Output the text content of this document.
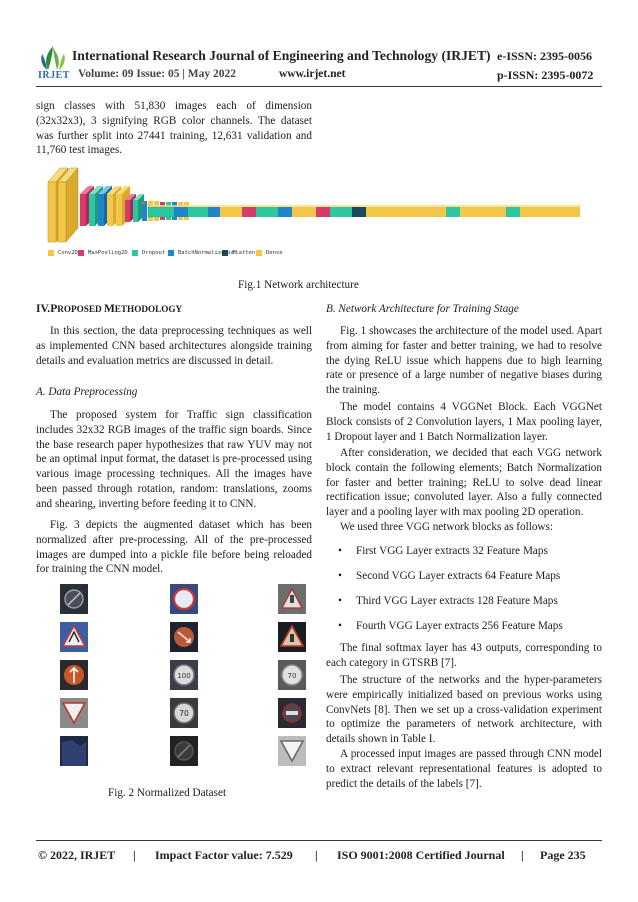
IRJET
International Research Journal of Engineering and Technology (IRJET) e-ISSN: 2395-0056
Volume: 09 Issue: 05 | May 2022	www.irjet.net	p-ISSN: 2395-0072
sign classes with 51,830 images each of dimension (32x32x3), 3 signifying RGB color channels. The dataset was further split into 27441 training, 12,631 validation and 11,760 test images.
Conv2D MaxPooling2D	Dropout BatchNormalization
Flatten Dense
Fig.1 Network architecture
IV.PROPOSED METHODOLOGY
In this section, the data preprocessing techniques as well as implemented CNN based architectures alongside training details and evaluation metrics are discussed in detail.
A. Data Preprocessing
The proposed system for Traffic sign classification includes 32x32 RGB images of the traffic sign boards. Since the base research paper hypothesizes that raw YUV may not be an optimal input format, the dataset is pre-processed using various image processing techniques. All the images have been passed through rotation, random: translations, zooms and shearing, inverting before feeding it to CNN.
Fig. 3 depicts the augmented dataset which has been normalized after pre-processing. All of the pre-processed images are dumped into a pickle file before being reloaded for training the CNN model.
100	70
70
Fig. 2 Normalized Dataset
B. Network Architecture for Training Stage
Fig. 1 showcases the architecture of the model used. Apart from aiming for faster and better training, we had to resolve the dying ReLU issue which happens due to high learning rate or presence of a large number of negative biases during the training.
The model contains 4 VGGNet Block. Each VGGNet Block consists of 2 Convolution layers, 1 Max pooling layer, 1 Dropout layer and 1 Batch Normalization layer.
After consideration, we decided that each VGG network block contain the following elements; Batch Normalization for faster and better training; ReLU to solve dead linear rectification issue; convoluted layer. Also a fully connected layer and a pooling layer with max pooling 2D operation.
We used three VGG network blocks as follows:
• First VGG Layer extracts 32 Feature Maps
• Second VGG Layer extracts 64 Feature Maps
• Third VGG Layer extracts 128 Feature Maps
• Fourth VGG Layer extracts 256 Feature Maps
The final softmax layer has 43 outputs, corresponding to each category in GTSRB [7].
The structure of the networks and the hyper-parameters were empirically initialized based on previous works using ConvNets [8]. Then we set up a cross-validation experiment to optimize the parameters of network architecture, with details shown in Table I.
A processed input images are passed through CNN model to extract relevant representational features is adopted to predict the details of the labels [7].
© 2022, IRJET | Impact Factor value: 7.529 | ISO 9001:2008 Certified Journal | Page 235
